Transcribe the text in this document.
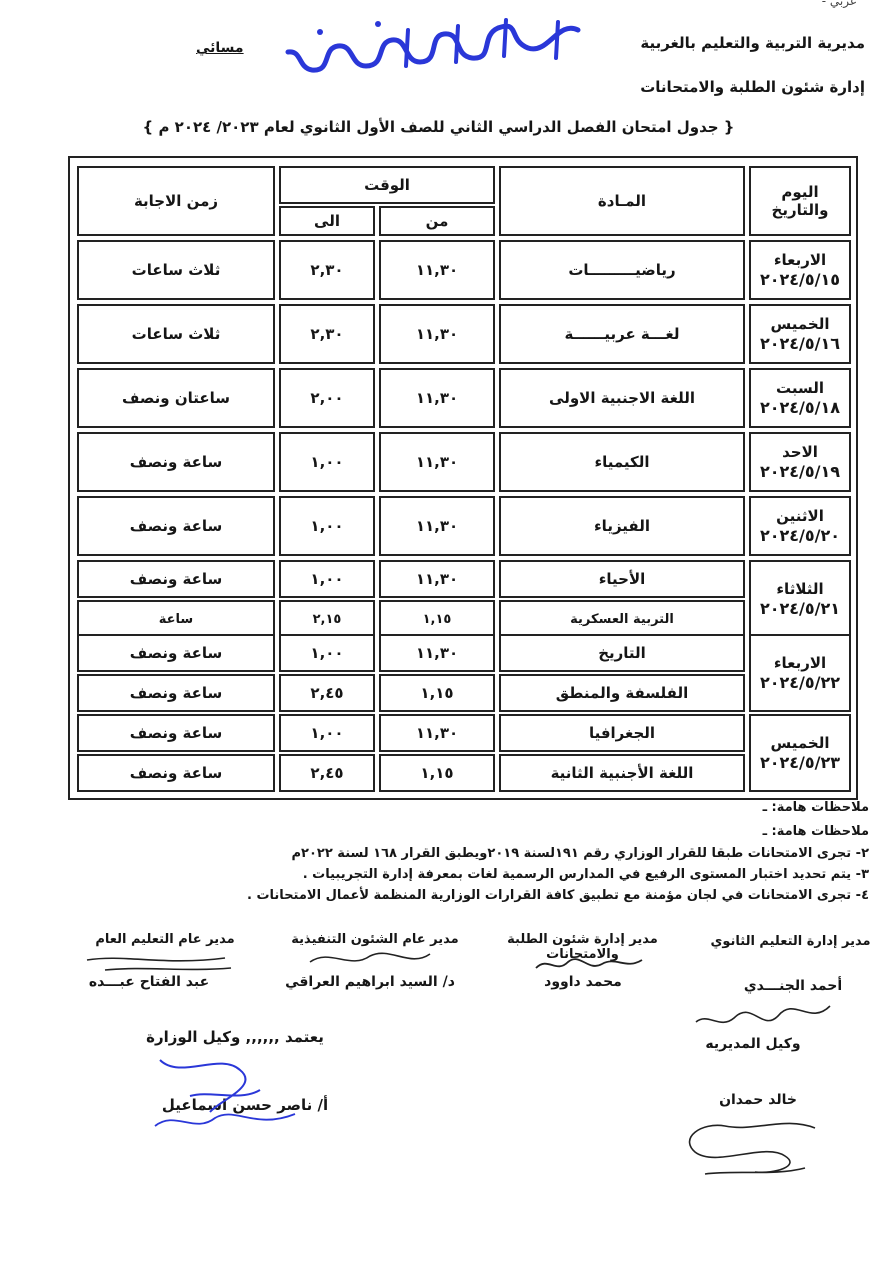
- عربي
مديرية التربية والتعليم بالغربية
إدارة شئون الطلبة والامتحانات
مسائي
{ جدول امتحان الفصل الدراسي الثاني للصف الأول الثانوي لعام ٢٠٢٣/ ٢٠٢٤ م }
اليوم والتاريخ
المـادة
الوقت
من
الى
زمن الاجابة
الاربعاء
٢٠٢٤/٥/١٥
رياضيـــــــــات
١١,٣٠
٢,٣٠
ثلاث ساعات
الخميس
٢٠٢٤/٥/١٦
لغـــة عربيــــــة
١١,٣٠
٢,٣٠
ثلاث ساعات
السبت
٢٠٢٤/٥/١٨
اللغة الاجنبية الاولى
١١,٣٠
٢,٠٠
ساعتان ونصف
الاحد
٢٠٢٤/٥/١٩
الكيمياء
١١,٣٠
١,٠٠
ساعة ونصف
الاثنين
٢٠٢٤/٥/٢٠
الفيزياء
١١,٣٠
١,٠٠
ساعة ونصف
الثلاثاء
٢٠٢٤/٥/٢١
الأحياء
١١,٣٠
١,٠٠
ساعة ونصف
التربية العسكرية
١,١٥
٢,١٥
ساعة
الاربعاء
٢٠٢٤/٥/٢٢
التاريخ
١١,٣٠
١,٠٠
ساعة ونصف
الفلسفة والمنطق
١,١٥
٢,٤٥
ساعة ونصف
الخميس
٢٠٢٤/٥/٢٣
الجغرافيا
١١,٣٠
١,٠٠
ساعة ونصف
اللغة الأجنبية الثانية
١,١٥
٢,٤٥
ساعة ونصف
ملاحظات هامة: ـ
ملاحظات هامة: ـ
٢- تجرى الامتحانات طبقا للقرار الوزاري رقم ١٩١لسنة ٢٠١٩ويطبق القرار ١٦٨ لسنة ٢٠٢٢م
٣- يتم تحديد اختبار المستوى الرفيع في المدارس الرسمية لغات بمعرفة إدارة التجريبيات .
٤- تجرى الامتحانات في لجان مؤمنة مع تطبيق كافة القرارات الوزارية المنظمة لأعمال الامتحانات .
مدير إدارة التعليم الثانوي
مدير إدارة شئون الطلبة والامتحانات
مدير عام الشئون التنفيذية
مدير عام التعليم العام
محمد داوود
د/ السيد ابراهيم العراقي
عبد الفتاح عبـــده	أحمد الجنـــدي
وكيل المديريه
خالد حمدان
يعتمد ,,,,,, وكيل الوزارة
أ/ ناصر حسن اسماعيل
